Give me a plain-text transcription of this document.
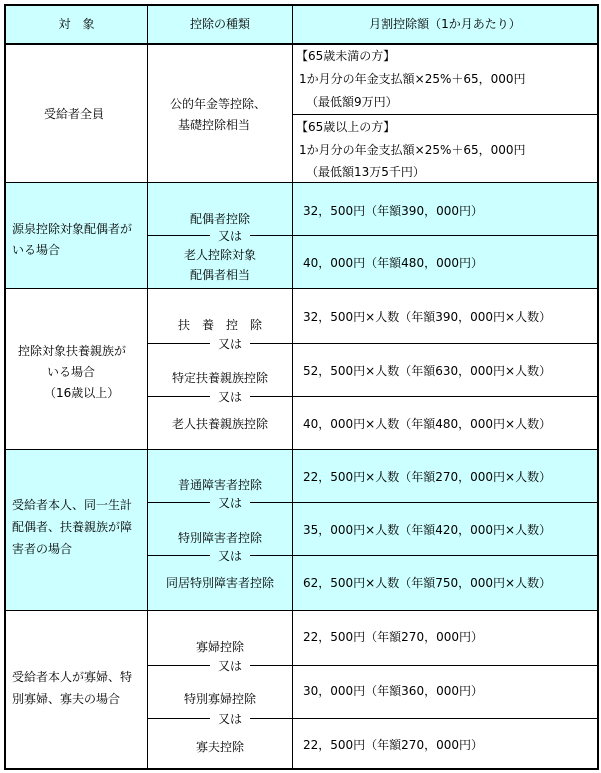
対　象	控除の種類	月割控除額（1か月あたり）
受給者全員
公的年金等控除、
基礎控除相当
【65歳未満の方】
1か月分の年金支払額×25%＋65，000円
（最低額9万円）
【65歳以上の方】
1か月分の年金支払額×25%＋65，000円
（最低額13万5千円）
源泉控除対象配偶者が
いる場合
配偶者控除
又は
老人控除対象
配偶者相当
32，500円（年額390，000円）
40，000円（年額480，000円）
控除対象扶養親族が
いる場合
（16歳以上）
扶　養　控　除
又は
特定扶養親族控除
又は
老人扶養親族控除
32，500円×人数（年額390，000円×人数）
52，500円×人数（年額630，000円×人数）
40，000円×人数（年額480，000円×人数）
受給者本人、同一生計
配偶者、扶養親族が障
害者の場合
普通障害者控除
又は
特別障害者控除
又は
同居特別障害者控除
22，500円×人数（年額270，000円×人数）
35，000円×人数（年額420，000円×人数）
62，500円×人数（年額750，000円×人数）
受給者本人が寡婦、特
別寡婦、寡夫の場合
寡婦控除
又は
特別寡婦控除
又は
寡夫控除
22，500円（年額270，000円）
30，000円（年額360，000円）
22，500円（年額270，000円）
